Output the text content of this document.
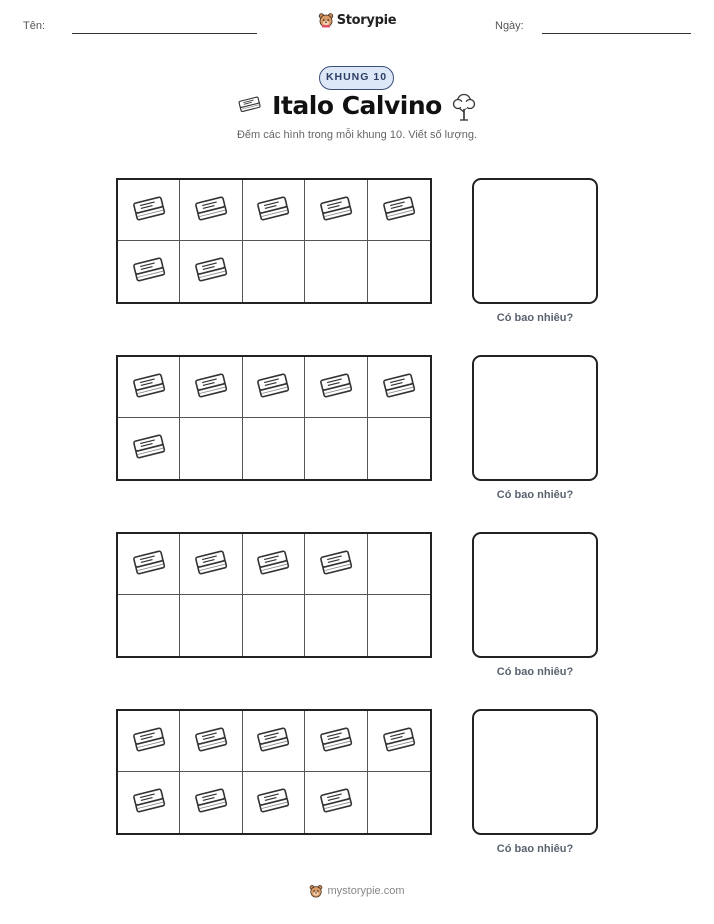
Tên:	Storypie	Ngày:
KHUNG 10
Italo Calvino
Đếm các hình trong mỗi khung 10. Viết số lượng.
Có bao nhiêu?
Có bao nhiêu?
Có bao nhiêu?
Có bao nhiêu?
mystorypie.com
